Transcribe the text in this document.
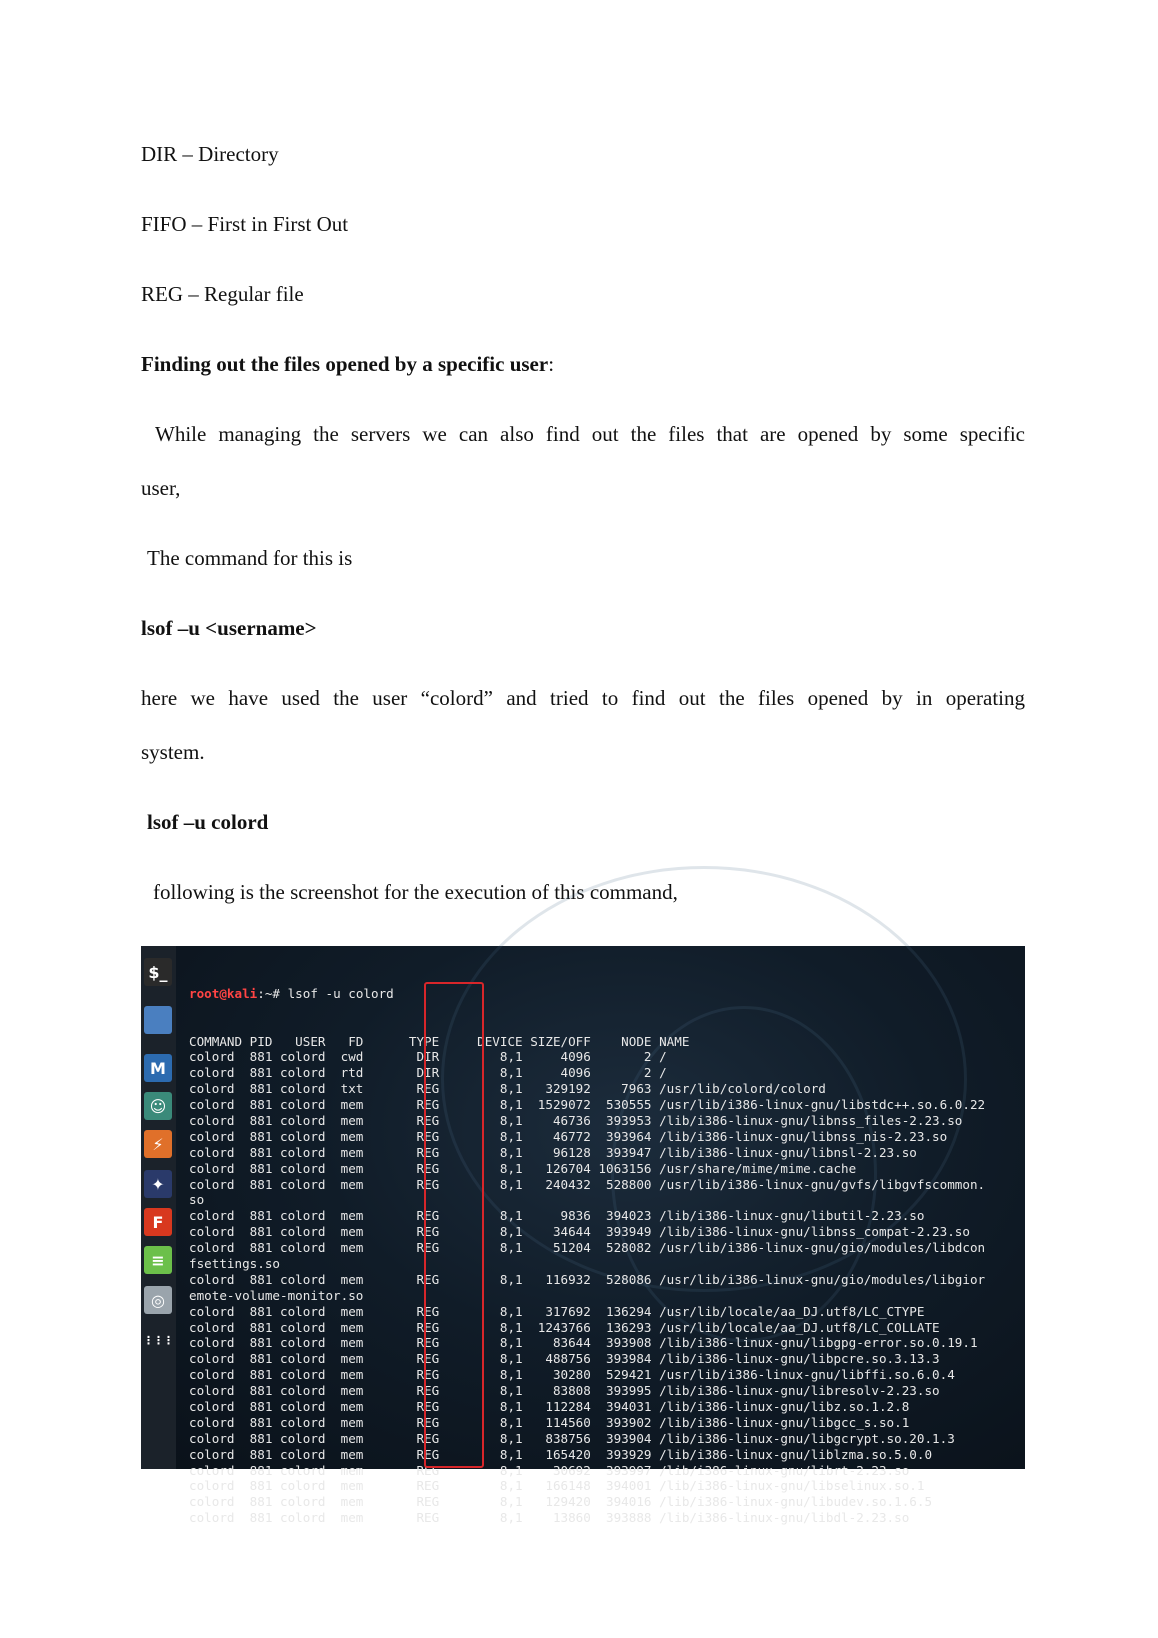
DIR – Directory
FIFO – First in First Out
REG – Regular file
Finding out the files opened by a specific user:
While managing the servers we can also find out the files that are opened by some specific
user,
The command for this is
lsof –u <username>
here we have used the user “colord” and tried to find out the files opened by in operating
system.
lsof –u colord
following is the screenshot for the execution of this command,
$_
M
☺
⚡
✦
F
≡
◎
⋮⋮⋮

root@kali:~# lsof -u colord

COMMAND PID   USER   FD      TYPE     DEVICE SIZE/OFF    NODE NAME
colord  881 colord  cwd       DIR        8,1     4096       2 /
colord  881 colord  rtd       DIR        8,1     4096       2 /
colord  881 colord  txt       REG        8,1   329192    7963 /usr/lib/colord/colord
colord  881 colord  mem       REG        8,1  1529072  530555 /usr/lib/i386-linux-gnu/libstdc++.so.6.0.22
colord  881 colord  mem       REG        8,1    46736  393953 /lib/i386-linux-gnu/libnss_files-2.23.so
colord  881 colord  mem       REG        8,1    46772  393964 /lib/i386-linux-gnu/libnss_nis-2.23.so
colord  881 colord  mem       REG        8,1    96128  393947 /lib/i386-linux-gnu/libnsl-2.23.so
colord  881 colord  mem       REG        8,1   126704 1063156 /usr/share/mime/mime.cache
colord  881 colord  mem       REG        8,1   240432  528800 /usr/lib/i386-linux-gnu/gvfs/libgvfscommon.
so
colord  881 colord  mem       REG        8,1     9836  394023 /lib/i386-linux-gnu/libutil-2.23.so
colord  881 colord  mem       REG        8,1    34644  393949 /lib/i386-linux-gnu/libnss_compat-2.23.so
colord  881 colord  mem       REG        8,1    51204  528082 /usr/lib/i386-linux-gnu/gio/modules/libdcon
fsettings.so
colord  881 colord  mem       REG        8,1   116932  528086 /usr/lib/i386-linux-gnu/gio/modules/libgior
emote-volume-monitor.so
colord  881 colord  mem       REG        8,1   317692  136294 /usr/lib/locale/aa_DJ.utf8/LC_CTYPE
colord  881 colord  mem       REG        8,1  1243766  136293 /usr/lib/locale/aa_DJ.utf8/LC_COLLATE
colord  881 colord  mem       REG        8,1    83644  393908 /lib/i386-linux-gnu/libgpg-error.so.0.19.1
colord  881 colord  mem       REG        8,1   488756  393984 /lib/i386-linux-gnu/libpcre.so.3.13.3
colord  881 colord  mem       REG        8,1    30280  529421 /usr/lib/i386-linux-gnu/libffi.so.6.0.4
colord  881 colord  mem       REG        8,1    83808  393995 /lib/i386-linux-gnu/libresolv-2.23.so
colord  881 colord  mem       REG        8,1   112284  394031 /lib/i386-linux-gnu/libz.so.1.2.8
colord  881 colord  mem       REG        8,1   114560  393902 /lib/i386-linux-gnu/libgcc_s.so.1
colord  881 colord  mem       REG        8,1   838756  393904 /lib/i386-linux-gnu/libgcrypt.so.20.1.3
colord  881 colord  mem       REG        8,1   165420  393929 /lib/i386-linux-gnu/liblzma.so.5.0.0
colord  881 colord  mem       REG        8,1    30692  393997 /lib/i386-linux-gnu/librt-2.23.so
colord  881 colord  mem       REG        8,1   166148  394001 /lib/i386-linux-gnu/libselinux.so.1
colord  881 colord  mem       REG        8,1   129420  394016 /lib/i386-linux-gnu/libudev.so.1.6.5
colord  881 colord  mem       REG        8,1    13860  393888 /lib/i386-linux-gnu/libdl-2.23.so
